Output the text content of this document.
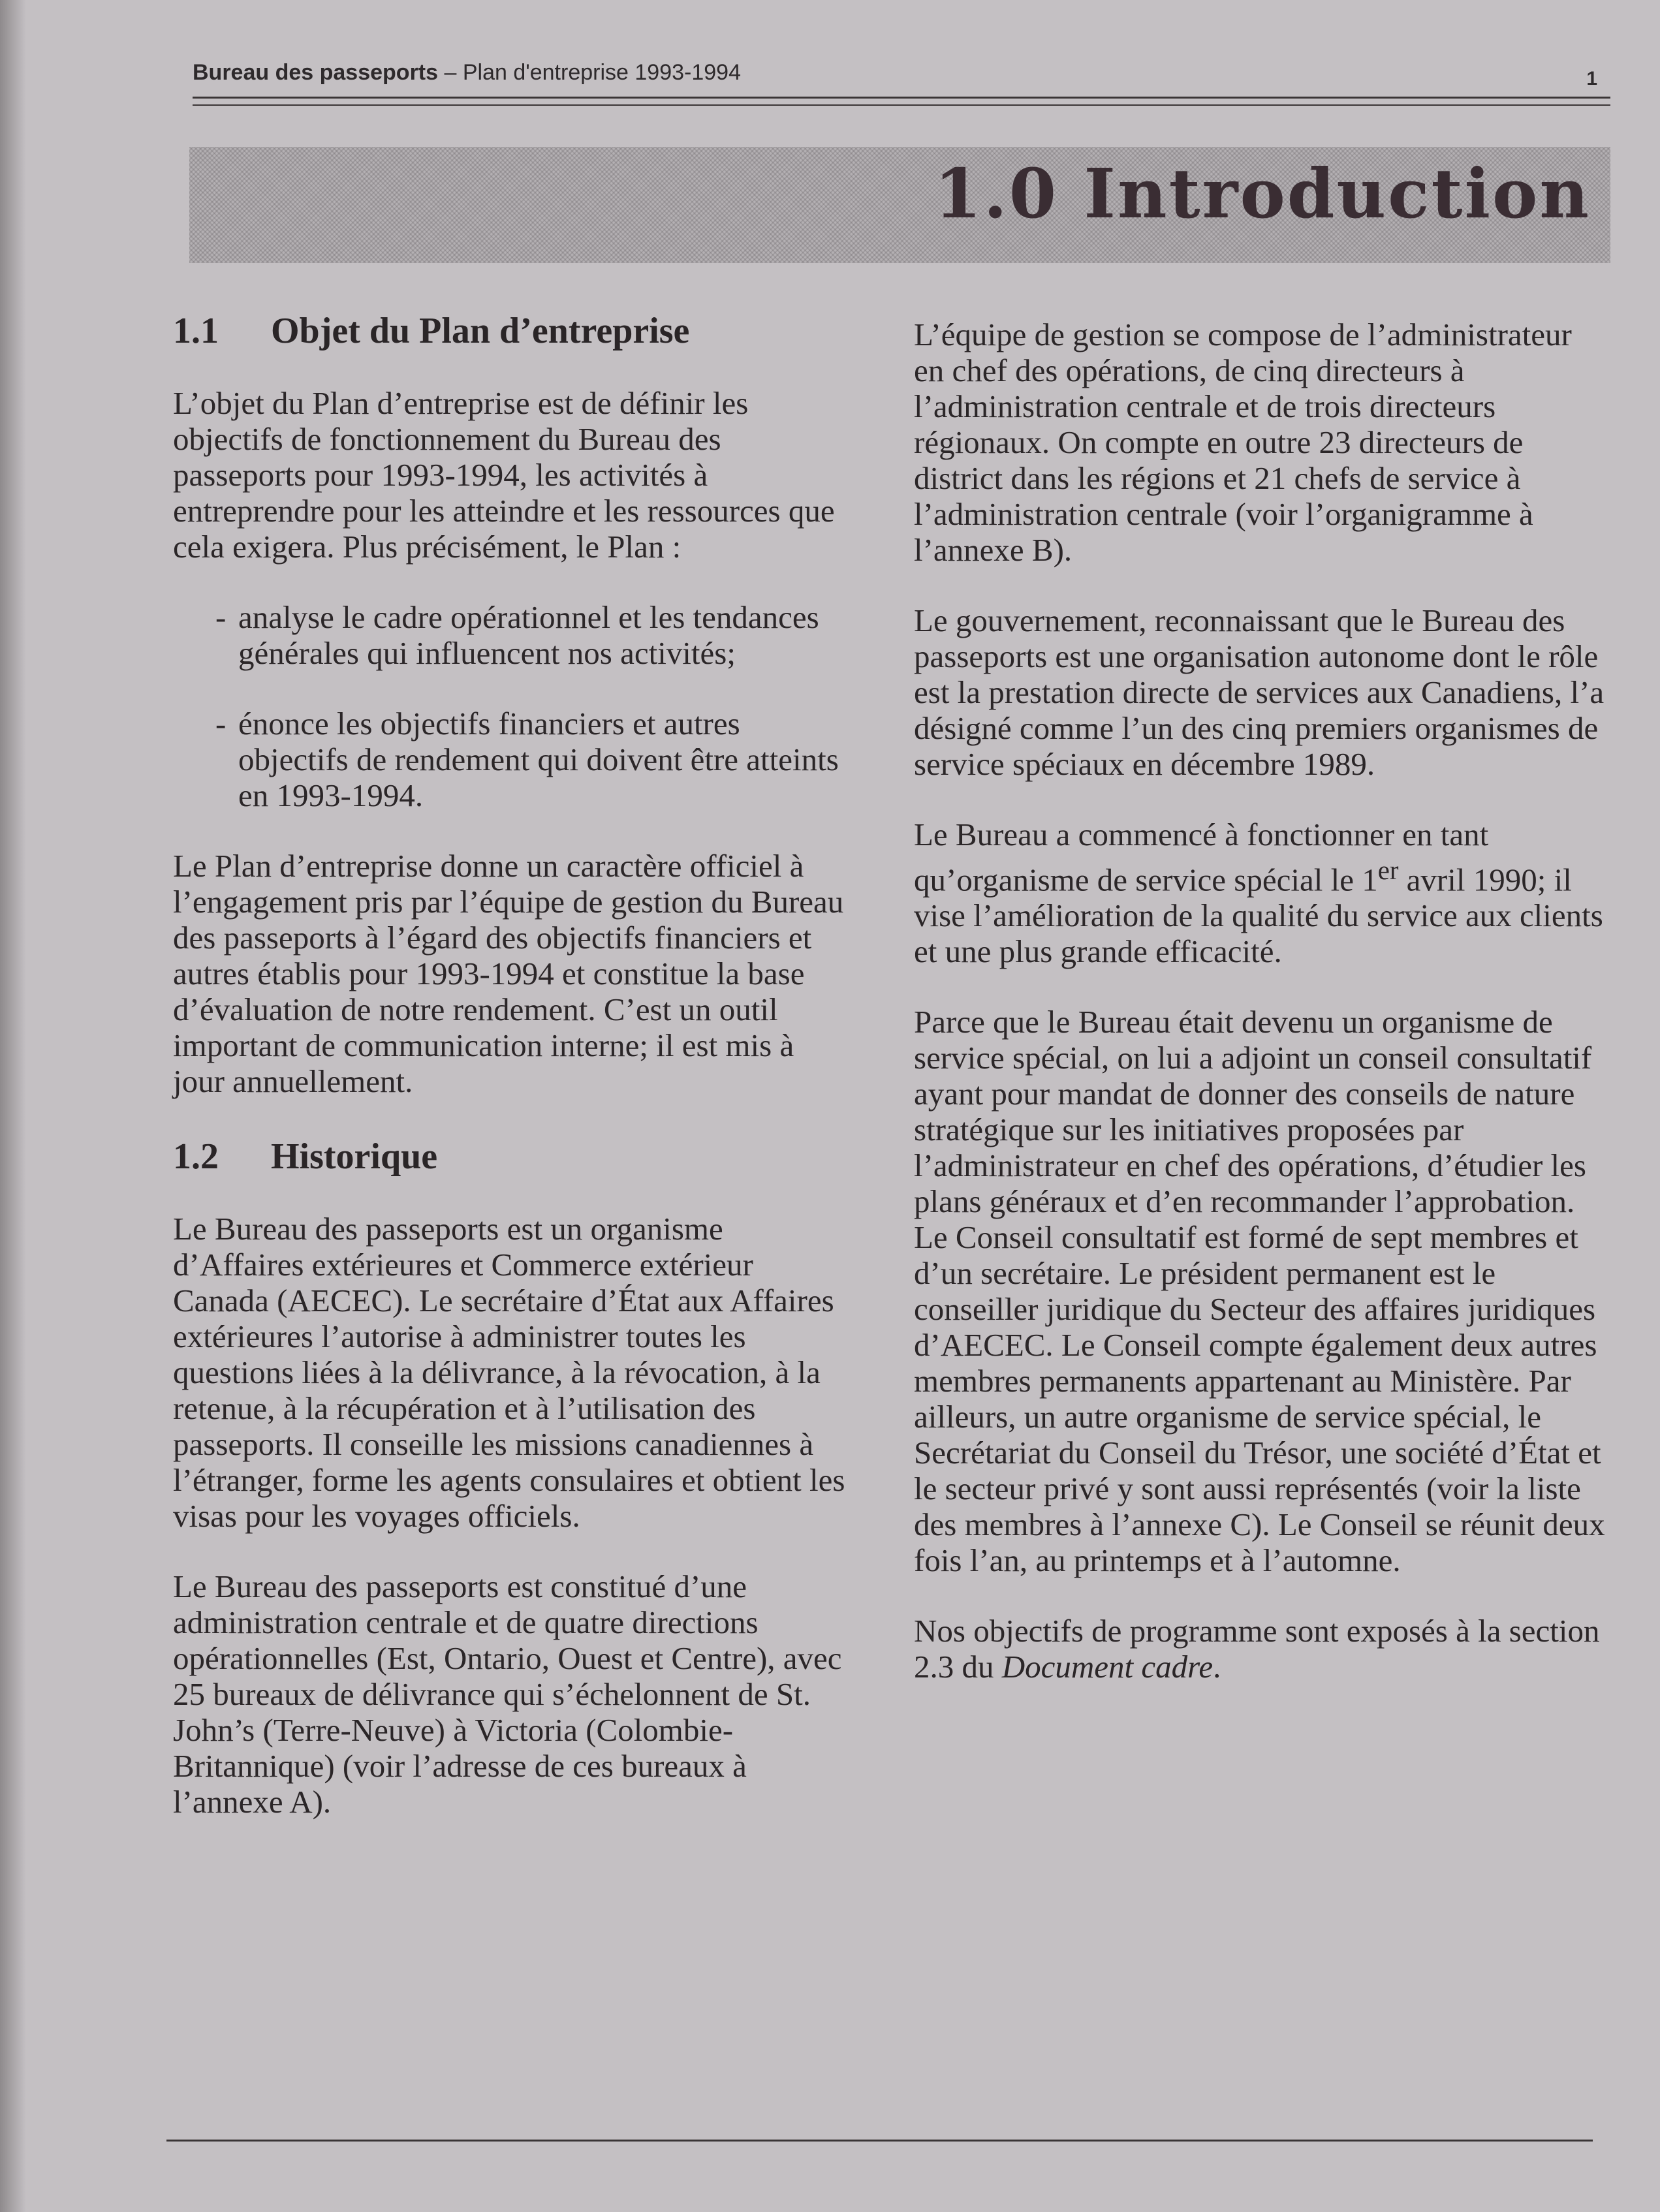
Bureau des passeports – Plan d'entreprise 1993-1994	1
1.0 Introduction
1.1 Objet du Plan d’entreprise

L’objet du Plan d’entreprise est de définir les objectifs de fonctionnement du Bureau des passeports pour 1993-1994, les activités à entreprendre pour les atteindre et les ressources que cela exigera. Plus précisément, le Plan :

- analyse le cadre opérationnel et les tendances générales qui influencent nos activités;
- énonce les objectifs financiers et autres objectifs de rendement qui doivent être atteints en 1993-1994.

Le Plan d’entreprise donne un caractère officiel à l’engagement pris par l’équipe de gestion du Bureau des passeports à l’égard des objectifs financiers et autres établis pour 1993-1994 et constitue la base d’évaluation de notre rendement. C’est un outil important de communication interne; il est mis à jour annuellement.

1.2 Historique

Le Bureau des passeports est un organisme d’Affaires extérieures et Commerce extérieur Canada (AECEC). Le secrétaire d’État aux Affaires extérieures l’autorise à administrer toutes les questions liées à la délivrance, à la révocation, à la retenue, à la récupération et à l’utilisation des passeports. Il conseille les missions canadiennes à l’étranger, forme les agents consulaires et obtient les visas pour les voyages officiels.

Le Bureau des passeports est constitué d’une administration centrale et de quatre directions opérationnelles (Est, Ontario, Ouest et Centre), avec 25 bureaux de délivrance qui s’échelonnent de St. John’s (Terre-Neuve) à Victoria (Colombie-Britannique) (voir l’adresse de ces bureaux à l’annexe A).

L’équipe de gestion se compose de l’administrateur en chef des opérations, de cinq directeurs à l’administration centrale et de trois directeurs régionaux. On compte en outre 23 directeurs de district dans les régions et 21 chefs de service à l’administration centrale (voir l’organigramme à l’annexe B).

Le gouvernement, reconnaissant que le Bureau des passeports est une organisation autonome dont le rôle est la prestation directe de services aux Canadiens, l’a désigné comme l’un des cinq premiers organismes de service spéciaux en décembre 1989.

Le Bureau a commencé à fonctionner en tant qu’organisme de service spécial le 1er avril 1990; il vise l’amélioration de la qualité du service aux clients et une plus grande efficacité.

Parce que le Bureau était devenu un organisme de service spécial, on lui a adjoint un conseil consultatif ayant pour mandat de donner des conseils de nature stratégique sur les initiatives proposées par l’administrateur en chef des opérations, d’étudier les plans généraux et d’en recommander l’approbation. Le Conseil consultatif est formé de sept membres et d’un secrétaire. Le président permanent est le conseiller juridique du Secteur des affaires juridiques d’AECEC. Le Conseil compte également deux autres membres permanents appartenant au Ministère. Par ailleurs, un autre organisme de service spécial, le Secrétariat du Conseil du Trésor, une société d’État et le secteur privé y sont aussi représentés (voir la liste des membres à l’annexe C). Le Conseil se réunit deux fois l’an, au printemps et à l’automne.

Nos objectifs de programme sont exposés à la section 2.3 du Document cadre.
